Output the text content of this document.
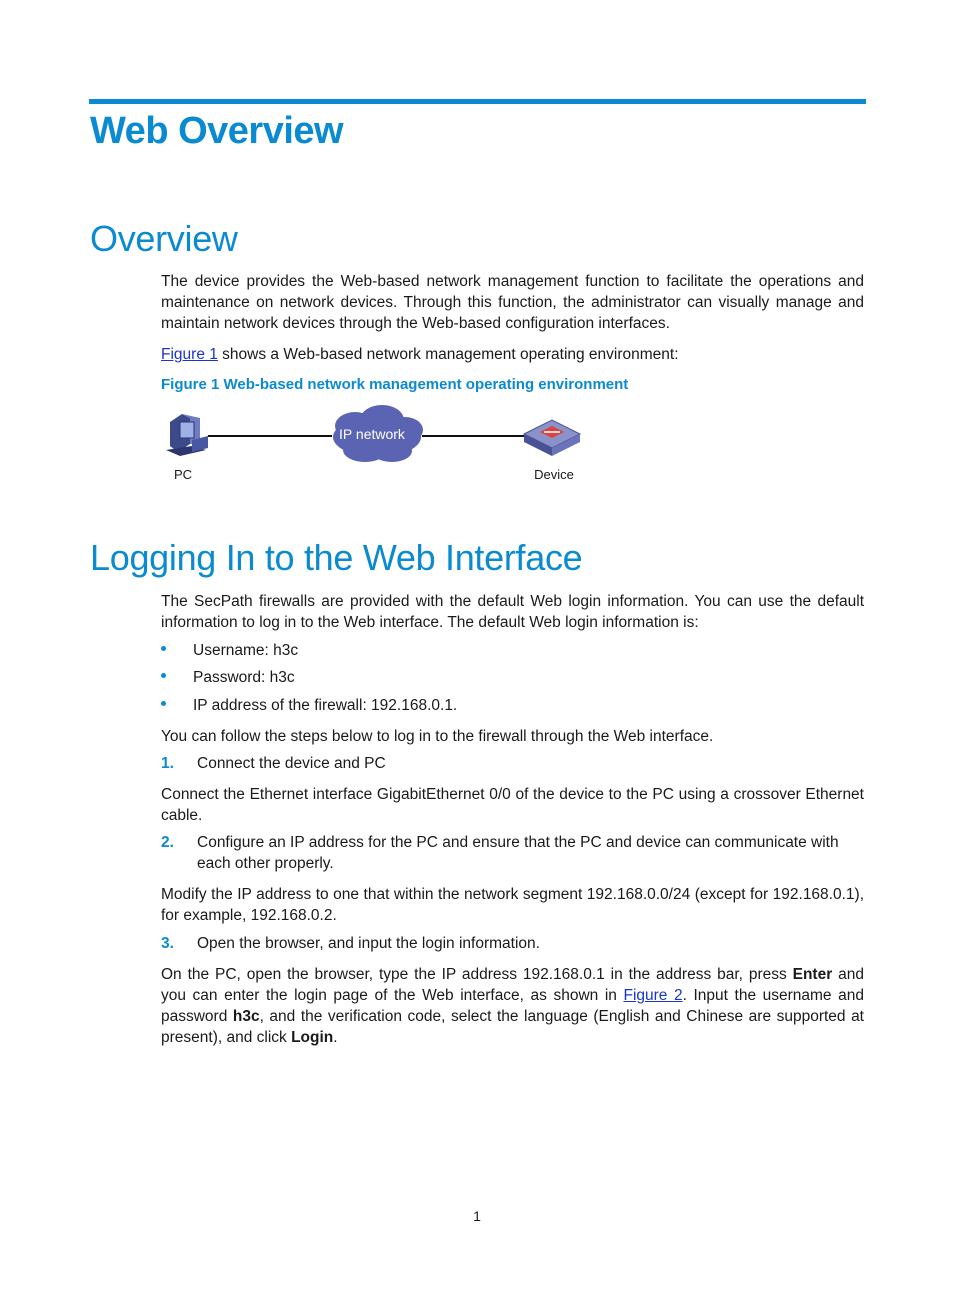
Web Overview
Overview
The device provides the Web-based network management function to facilitate the operations and maintenance on network devices. Through this function, the administrator can visually manage and maintain network devices through the Web-based configuration interfaces.
Figure 1 shows a Web-based network management operating environment:
Figure 1 Web-based network management operating environment
IP network
PC	Device
Logging In to the Web Interface
The SecPath firewalls are provided with the default Web login information. You can use the default information to log in to the Web interface. The default Web login information is:
Username: h3c
Password: h3c
IP address of the firewall: 192.168.0.1.
You can follow the steps below to log in to the firewall through the Web interface.
1. Connect the device and PC
Connect the Ethernet interface GigabitEthernet 0/0 of the device to the PC using a crossover Ethernet cable.
2. Configure an IP address for the PC and ensure that the PC and device can communicate with each other properly.
Modify the IP address to one that within the network segment 192.168.0.0/24 (except for 192.168.0.1), for example, 192.168.0.2.
3. Open the browser, and input the login information.
On the PC, open the browser, type the IP address 192.168.0.1 in the address bar, press Enter and you can enter the login page of the Web interface, as shown in Figure 2. Input the username and password h3c, and the verification code, select the language (English and Chinese are supported at present), and click Login.
1
